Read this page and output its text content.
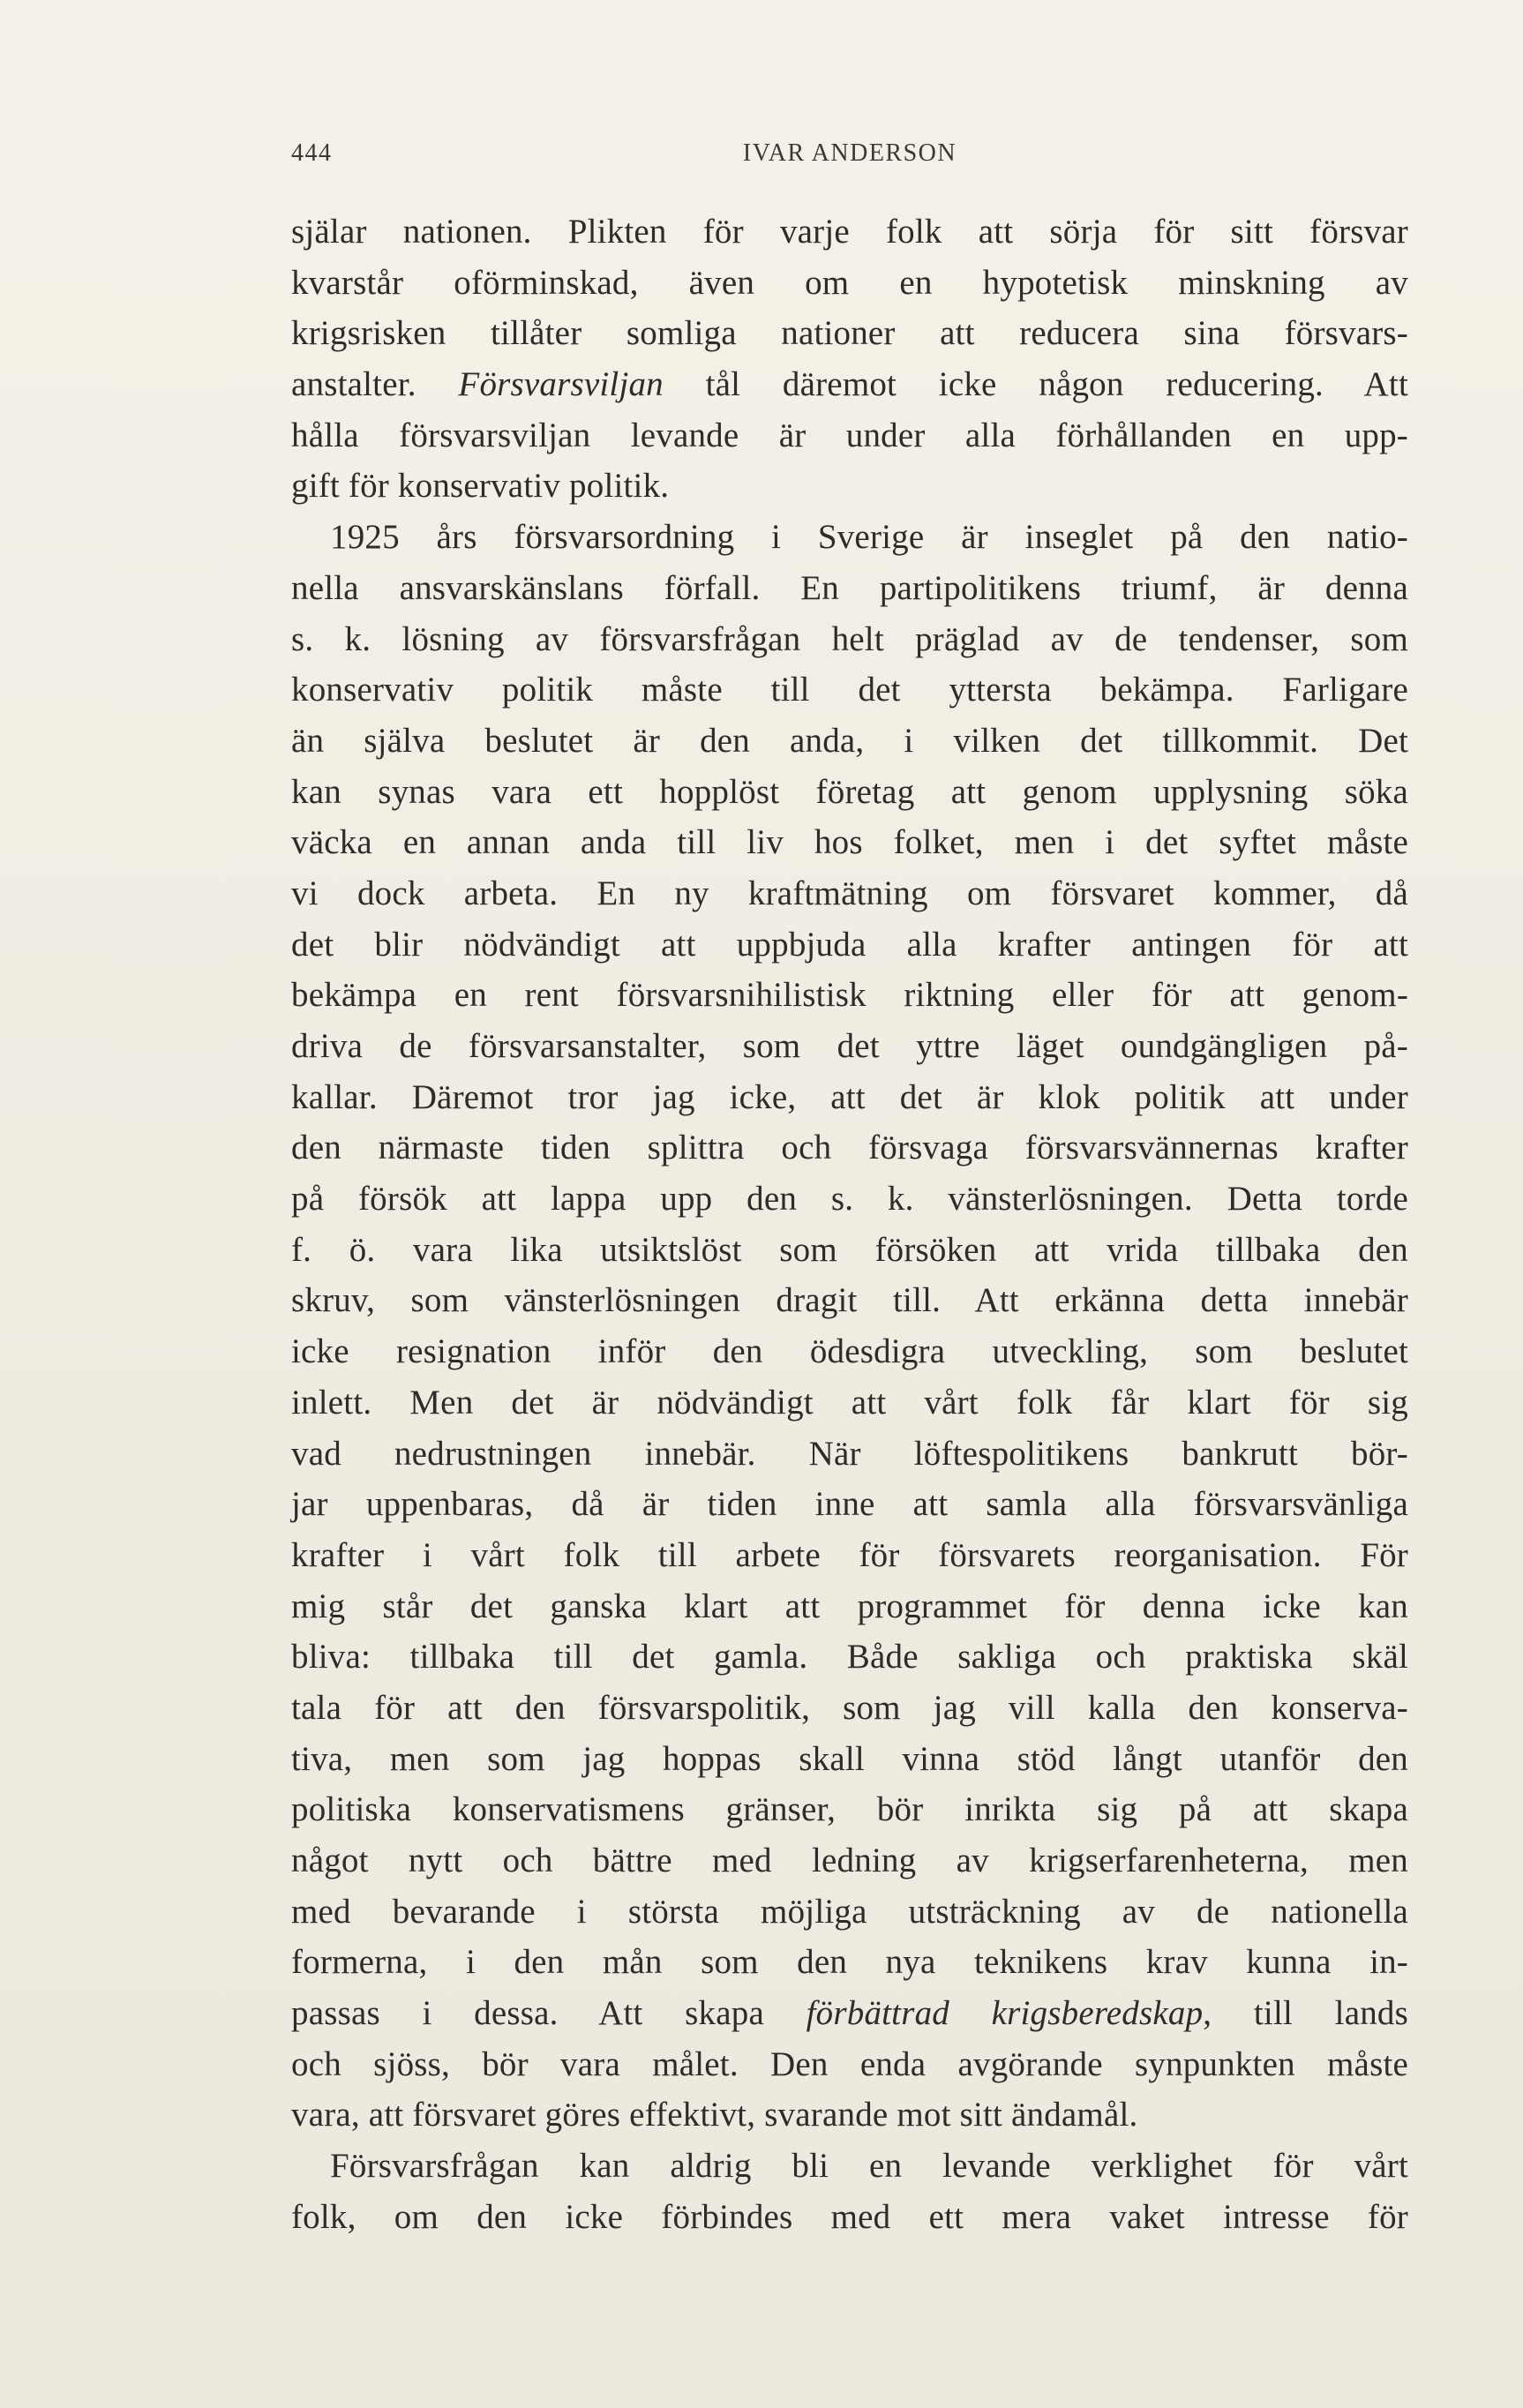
444	IVAR ANDERSON
själar nationen. Plikten för varje folk att sörja för sitt försvar
kvarstår oförminskad, även om en hypotetisk minskning av
krigsrisken tillåter somliga nationer att reducera sina försvars-
anstalter. Försvarsviljan tål däremot icke någon reducering. Att
hålla försvarsviljan levande är under alla förhållanden en upp-
gift för konservativ politik.
1925 års försvarsordning i Sverige är inseglet på den natio-
nella ansvarskänslans förfall. En partipolitikens triumf, är denna
s. k. lösning av försvarsfrågan helt präglad av de tendenser, som
konservativ politik måste till det yttersta bekämpa. Farligare
än själva beslutet är den anda, i vilken det tillkommit. Det
kan synas vara ett hopplöst företag att genom upplysning söka
väcka en annan anda till liv hos folket, men i det syftet måste
vi dock arbeta. En ny kraftmätning om försvaret kommer, då
det blir nödvändigt att uppbjuda alla krafter antingen för att
bekämpa en rent försvarsnihilistisk riktning eller för att genom-
driva de försvarsanstalter, som det yttre läget oundgängligen på-
kallar. Däremot tror jag icke, att det är klok politik att under
den närmaste tiden splittra och försvaga försvarsvännernas krafter
på försök att lappa upp den s. k. vänsterlösningen. Detta torde
f. ö. vara lika utsiktslöst som försöken att vrida tillbaka den
skruv, som vänsterlösningen dragit till. Att erkänna detta innebär
icke resignation inför den ödesdigra utveckling, som beslutet
inlett. Men det är nödvändigt att vårt folk får klart för sig
vad nedrustningen innebär. När löftespolitikens bankrutt bör-
jar uppenbaras, då är tiden inne att samla alla försvarsvänliga
krafter i vårt folk till arbete för försvarets reorganisation. För
mig står det ganska klart att programmet för denna icke kan
bliva: tillbaka till det gamla. Både sakliga och praktiska skäl
tala för att den försvarspolitik, som jag vill kalla den konserva-
tiva, men som jag hoppas skall vinna stöd långt utanför den
politiska konservatismens gränser, bör inrikta sig på att skapa
något nytt och bättre med ledning av krigserfarenheterna, men
med bevarande i största möjliga utsträckning av de nationella
formerna, i den mån som den nya teknikens krav kunna in-
passas i dessa. Att skapa förbättrad krigsberedskap, till lands
och sjöss, bör vara målet. Den enda avgörande synpunkten måste
vara, att försvaret göres effektivt, svarande mot sitt ändamål.
Försvarsfrågan kan aldrig bli en levande verklighet för vårt
folk, om den icke förbindes med ett mera vaket intresse för
